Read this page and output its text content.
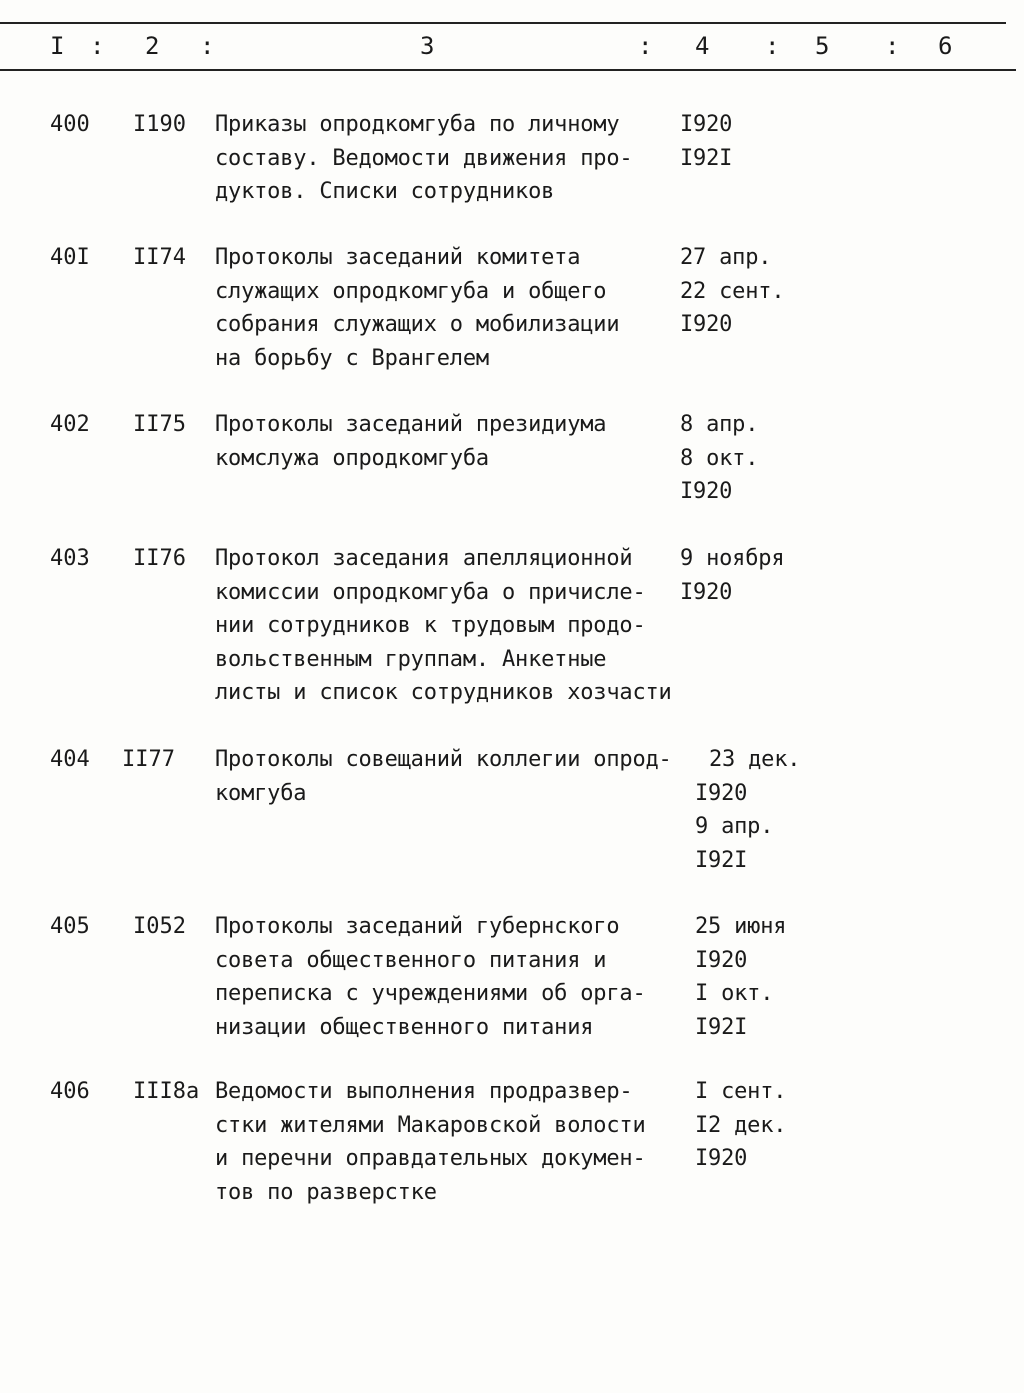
I : 2 :	3	: 4 : 5 : 6
400 I190 Приказы опродкомгуба по личному
составу. Ведомости движения про-
дуктов. Списки сотрудников
I920
I92I
40I II74 Протоколы заседаний комитета
служащих опродкомгуба и общего
собрания служащих о мобилизации
на борьбу с Врангелем
27 апр.
22 сент.
I920
402 II75 Протоколы заседаний президиума
комслужа опродкомгуба
8 апр.
8 окт.
I920
403 II76 Протокол заседания апелляционной
комиссии опродкомгуба о причисле-
нии сотрудников к трудовым продо-
вольственным группам. Анкетные
листы и список сотрудников хозчасти
9 ноября
I920
404 II77 Протоколы совещаний коллегии опрод-
комгуба
23 дек.
I920
9 апр.
I92I
405 I052 Протоколы заседаний губернского
совета общественного питания и
переписка с учреждениями об орга-
низации общественного питания
25 июня
I920
I окт.
I92I
406 III8а Ведомости выполнения продразвер-
стки жителями Макаровской волости
и перечни оправдательных докумен-
тов по разверстке
I сент.
I2 дек.
I920
